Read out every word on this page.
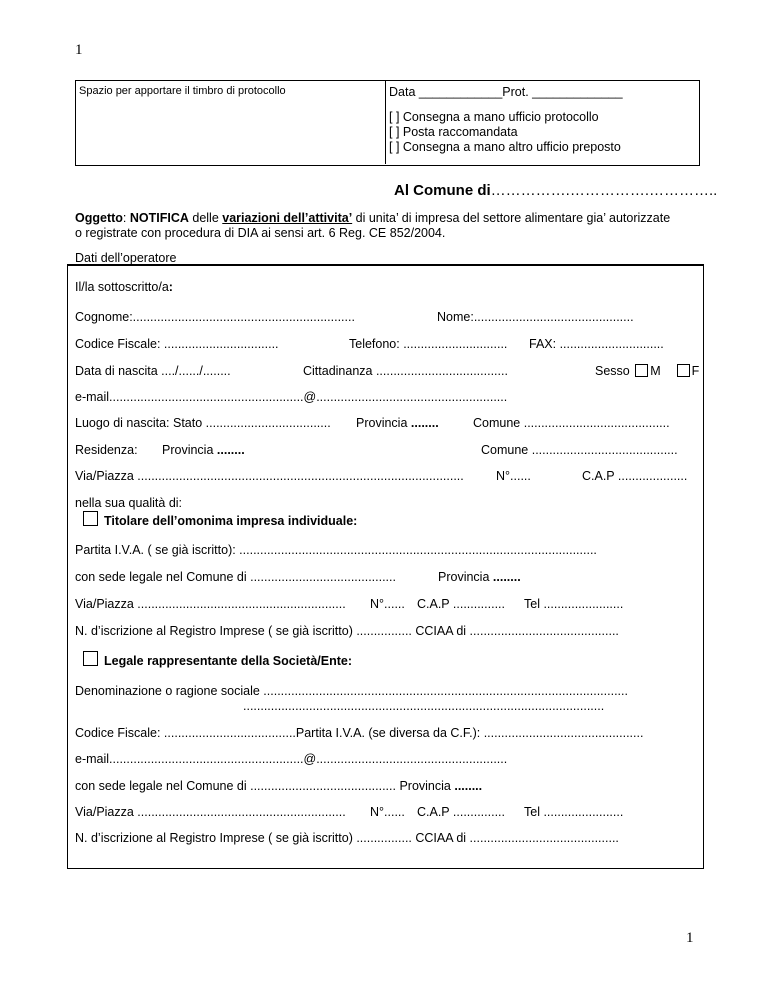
1
Spazio per apportare il timbro di protocollo	Data ____________Prot. _____________
[ ] Consegna a mano ufficio protocollo
[ ] Posta raccomandata
[ ] Consegna a mano altro ufficio preposto
Al Comune di…………….…………….…………..
Oggetto: NOTIFICA delle variazioni dell’attivita’ di unita’ di impresa del settore alimentare gia’ autorizzate
o registrate con procedura di DIA ai sensi art. 6 Reg. CE 852/2004.
Dati dell’operatore
Il/la sottoscritto/a:
Cognome:................................................................	Nome:..............................................
Codice Fiscale: .................................	Telefono: .............................. FAX: ..............................
Data di nascita ..../....../........	Cittadinanza ......................................	Sesso M F
e-mail........................................................@.......................................................
Luogo di nascita: Stato .................................... Provincia ........	Comune ..........................................
Residenza: Provincia ........	Comune ..........................................
Via/Piazza ..............................................................................................	N°......	C.A.P ....................
nella sua qualità di:
Titolare dell’omonima impresa individuale:
Partita I.V.A. ( se già iscritto): .......................................................................................................
con sede legale nel Comune di ..........................................	Provincia ........
Via/Piazza ............................................................ N°...... C.A.P ............... Tel .......................
N. d’iscrizione al Registro Imprese ( se già iscritto) ................ CCIAA di ...........................................
Legale rappresentante della Società/Ente:
Denominazione o ragione sociale .........................................................................................................
........................................................................................................
Codice Fiscale: ......................................Partita I.V.A. (se diversa da C.F.): ..............................................
e-mail........................................................@.......................................................
con sede legale nel Comune di .......................................... Provincia ........
Via/Piazza ............................................................ N°...... C.A.P ............... Tel .......................
N. d’iscrizione al Registro Imprese ( se già iscritto) ................ CCIAA di ...........................................
1
